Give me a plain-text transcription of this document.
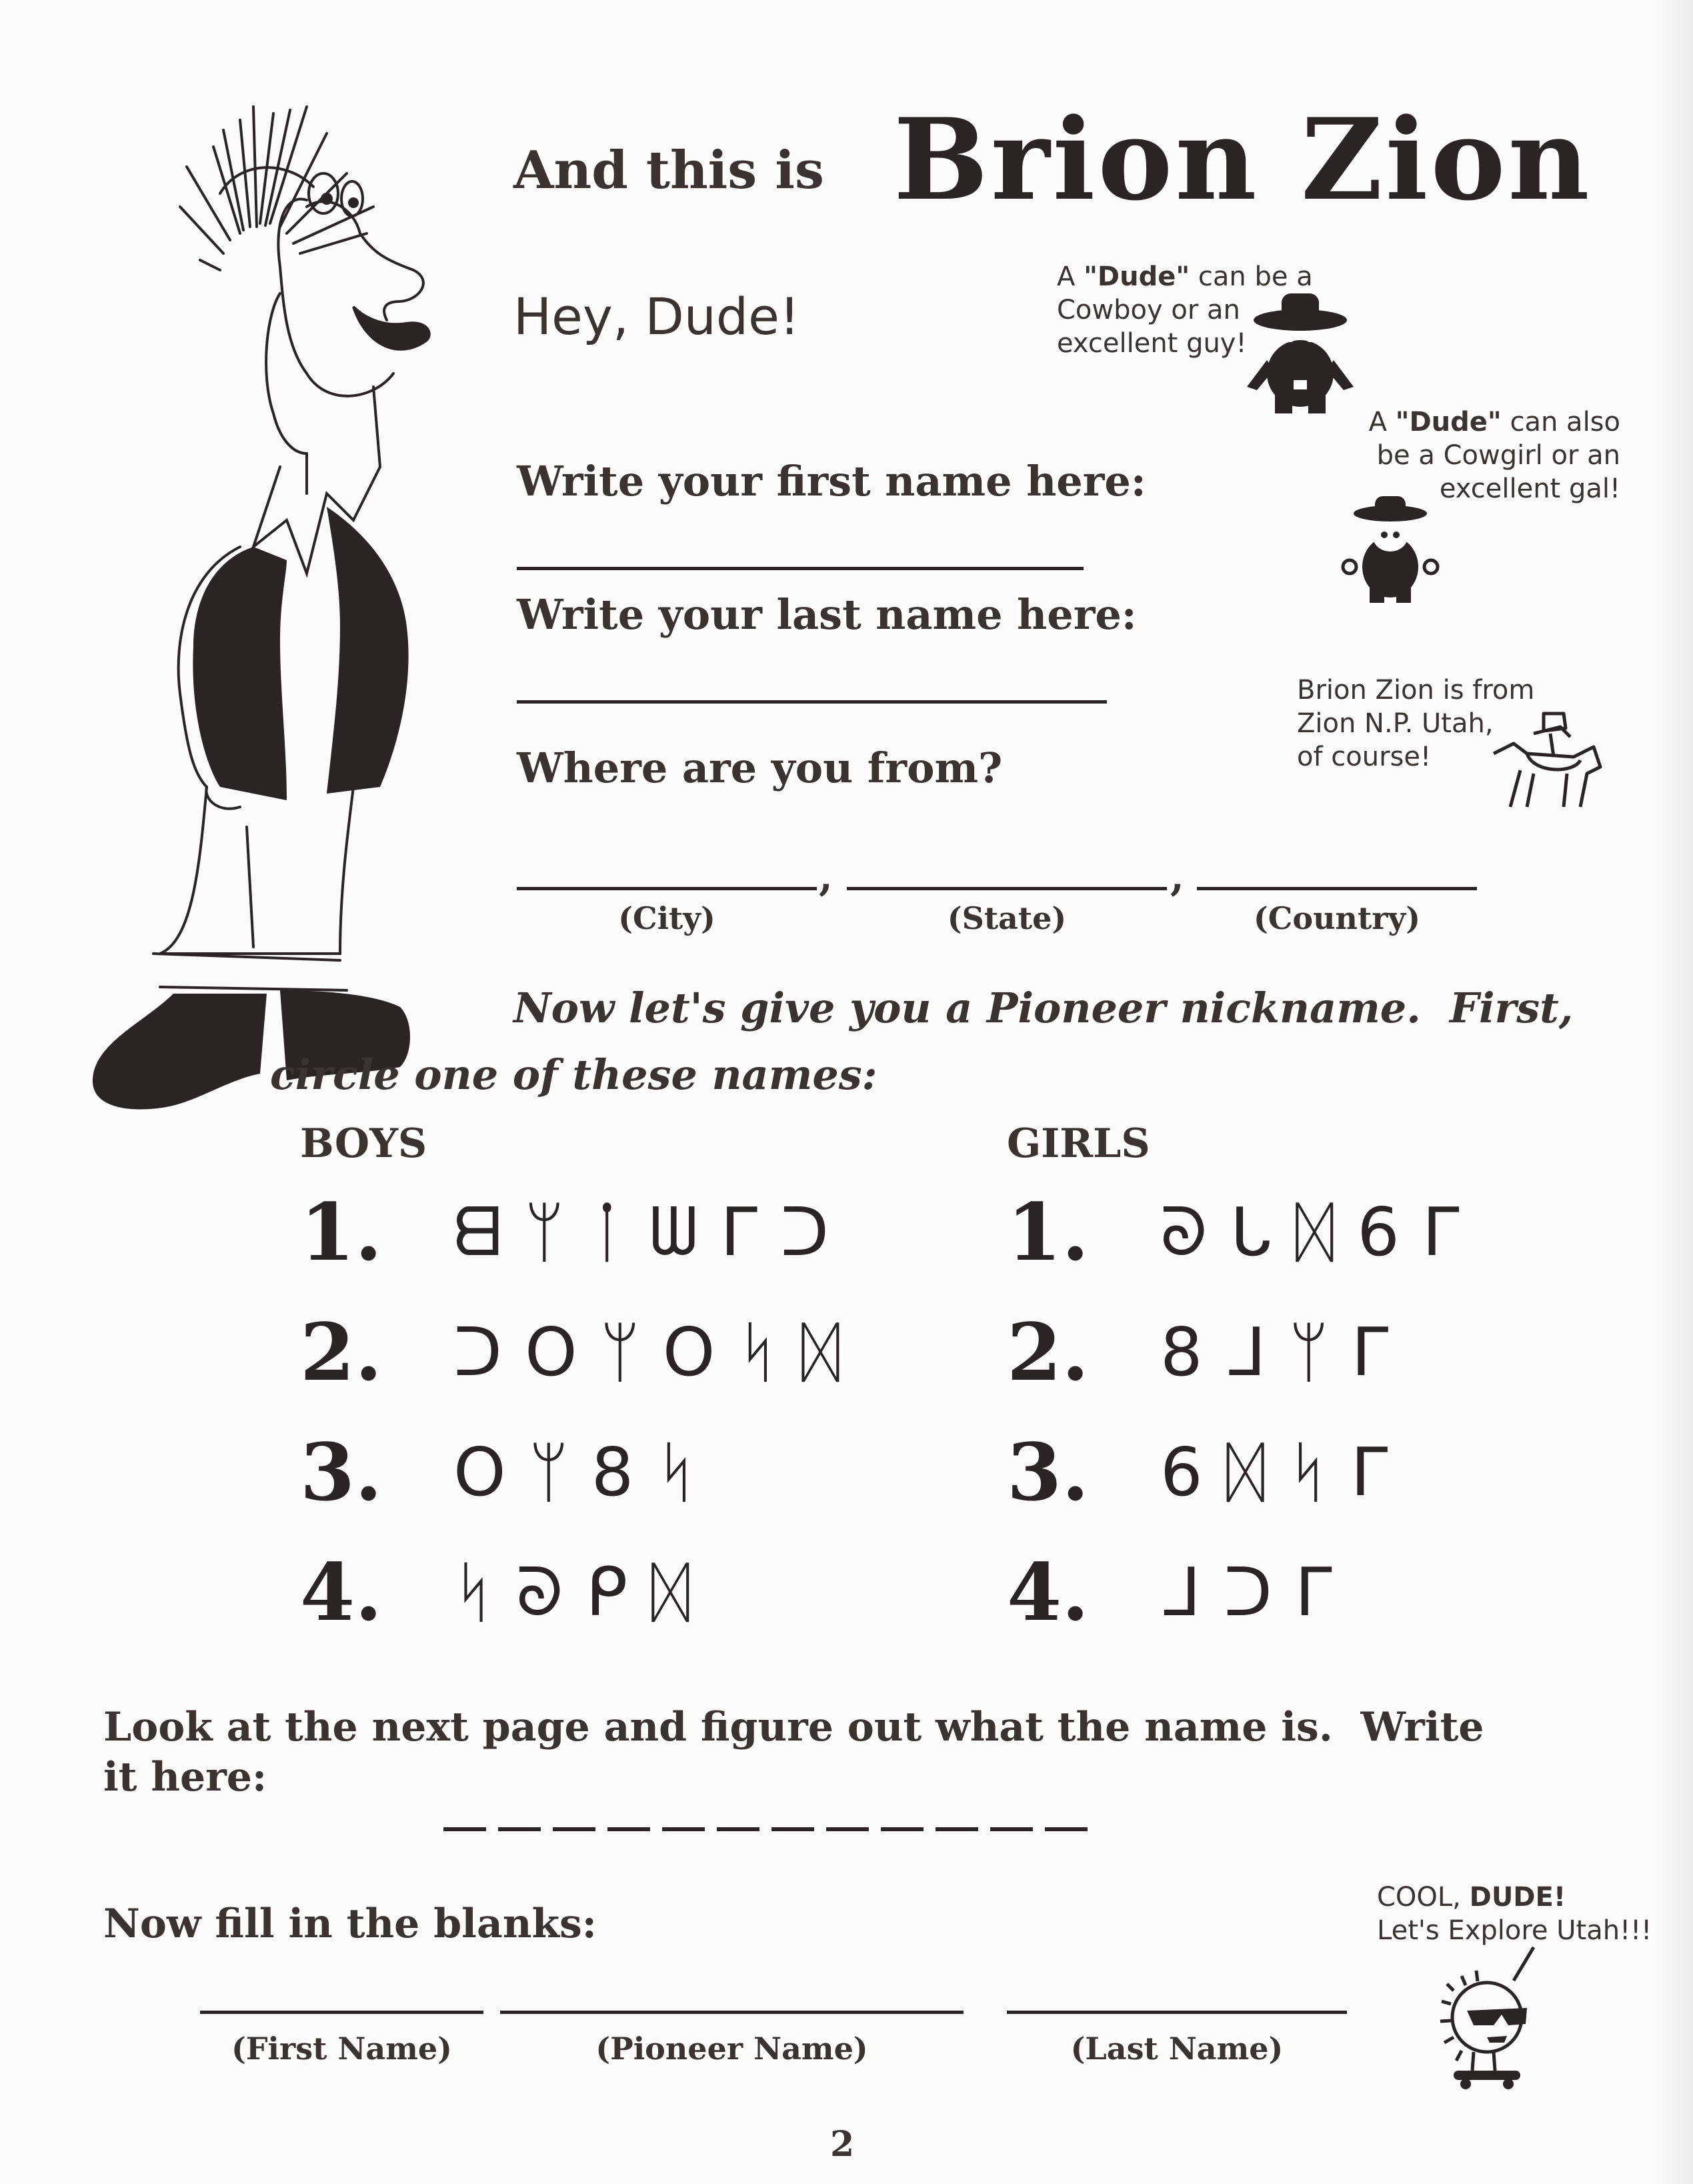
And this is Brion Zion
Hey, Dude!
A "Dude" can be a
Cowboy or an
excellent guy!
A "Dude" can also
be a Cowgirl or an
excellent gal!
Brion Zion is from
Zion N.P. Utah,
of course!
Write your first name here:
Write your last name here:
Where are you from?
,	,
(City)	(State)	(Country)
Now let's give you a Pioneer nickname.  First,
circle one of these names:
BOYS	GIRLS
1.	ᗺᛘᛙᗯᒥᑐ
2.	ᑐOᛘOᛋᛞ
3.	Oᛘ8ᛋ
4.	ᛋᘐᑭᛞ
1.	ᘐᒐᛞ6ᒥ
2.	8ᒧᛘᒥ
3.	6ᛞᛋᒥ
4.	ᒧᑐᒥ
Look at the next page and figure out what the name is.  Write
it here:
Now fill in the blanks:
(First Name)	(Pioneer Name)	(Last Name)
COOL, DUDE!
Let's Explore Utah!!!
2
